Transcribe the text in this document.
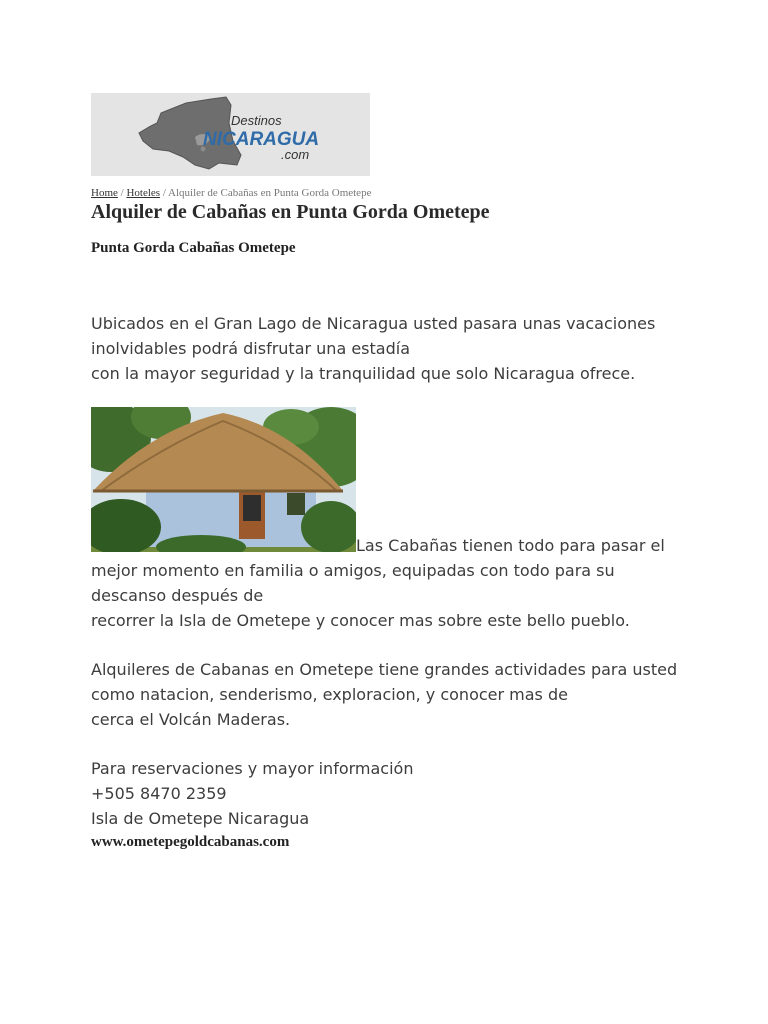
Destinos
NICARAGUA
.com
Home / Hoteles / Alquiler de Cabañas en Punta Gorda Ometepe
Alquiler de Cabañas en Punta Gorda Ometepe
Punta Gorda Cabañas Ometepe

Ubicados en el Gran Lago de Nicaragua usted pasara unas vacaciones
inolvidables podrá disfrutar una estadía
con la mayor seguridad y la tranquilidad que solo Nicaragua ofrece.

Las Cabañas tienen todo para pasar el

mejor momento en familia o amigos, equipadas con todo para su
descanso después de
recorrer la Isla de Ometepe y conocer mas sobre este bello pueblo.

Alquileres de Cabanas en Ometepe tiene grandes actividades para usted
como natacion, senderismo, exploracion, y conocer mas de
cerca el Volcán Maderas.

Para reservaciones y mayor información
+505 8470 2359
Isla de Ometepe Nicaragua

www.ometepegoldcabanas.com
